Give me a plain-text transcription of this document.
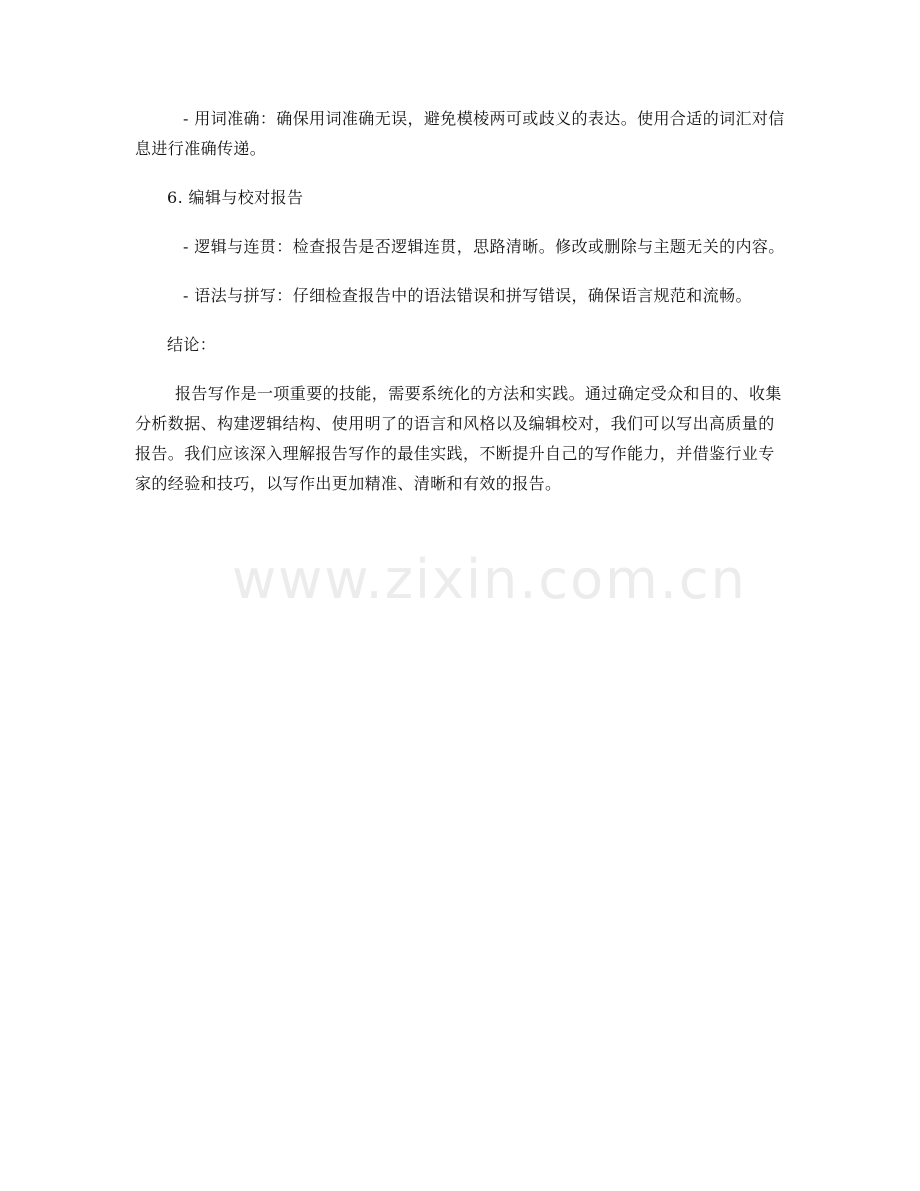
- 用词准确：确保用词准确无误，避免模棱两可或歧义的表达。使用合适的词汇对信息进行准确传递。

6. 编辑与校对报告

- 逻辑与连贯：检查报告是否逻辑连贯，思路清晰。修改或删除与主题无关的内容。

- 语法与拼写：仔细检查报告中的语法错误和拼写错误，确保语言规范和流畅。

结论：

报告写作是一项重要的技能，需要系统化的方法和实践。通过确定受众和目的、收集分析数据、构建逻辑结构、使用明了的语言和风格以及编辑校对，我们可以写出高质量的报告。我们应该深入理解报告写作的最佳实践，不断提升自己的写作能力，并借鉴行业专家的经验和技巧，以写作出更加精准、清晰和有效的报告。

www.zixin.com.cn
